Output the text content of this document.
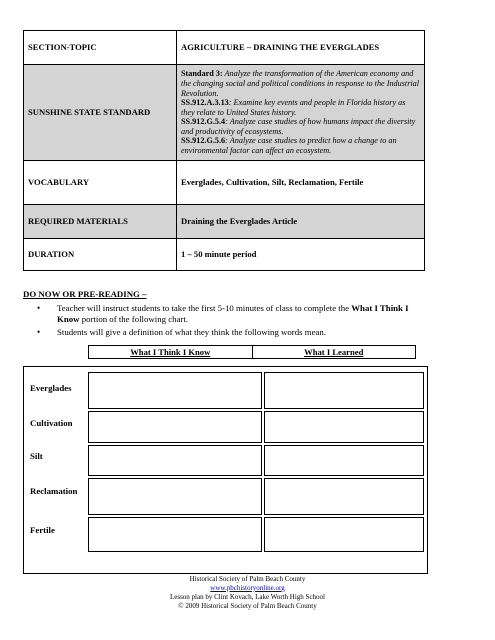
SECTION-TOPIC	AGRICULTURE – DRAINING THE EVERGLADES
SUNSHINE STATE STANDARD	Standard 3: Analyze the transformation of the American economy and the changing social and political conditions in response to the Industrial Revolution.
SS.912.A.3.13: Examine key events and people in Florida history as they relate to United States history.
SS.912.G.5.4: Analyze case studies of how humans impact the diversity and productivity of ecosystems.
SS.912.G.5.6: Analyze case studies to predict how a change to an environmental factor can affect an ecosystem.

VOCABULARY	Everglades, Cultivation, Silt, Reclamation, Fertile
REQUIRED MATERIALS	Draining the Everglades Article
DURATION	1 – 50 minute period
DO NOW OR PRE-READING –
• Teacher will instruct students to take the first 5-10 minutes of class to complete the What I Think I Know portion of the following chart.
• Students will give a definition of what they think the following words mean.
What I Think I Know	What I Learned
Everglades
Cultivation
Silt
Reclamation
Fertile
Historical Society of Palm Beach County
www.pbchistoryonline.org
Lesson plan by Clint Kovach, Lake Worth High School
© 2009 Historical Society of Palm Beach County
